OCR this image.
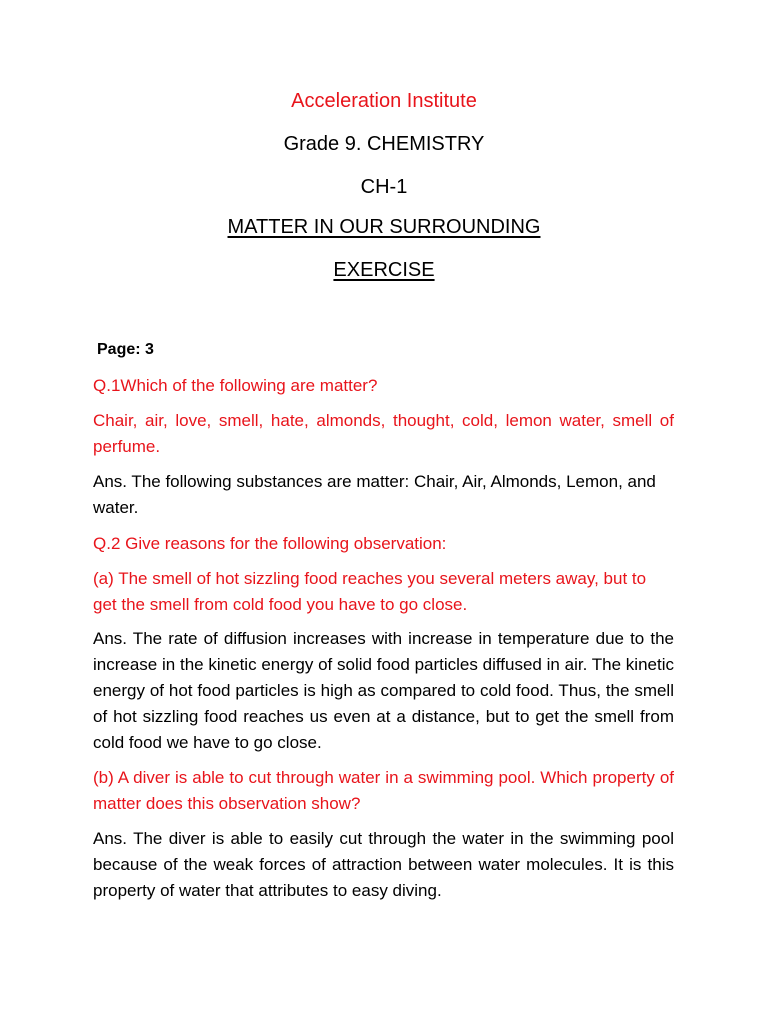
Acceleration Institute
Grade 9. CHEMISTRY
CH-1
MATTER IN OUR SURROUNDING
EXERCISE
Page: 3
Q.1Which of the following are matter?
Chair, air, love, smell, hate, almonds, thought, cold, lemon water, smell of perfume.
Ans. The following substances are matter: Chair, Air, Almonds, Lemon, and water.
Q.2 Give reasons for the following observation:
(a) The smell of hot sizzling food reaches you several meters away, but to get the smell from cold food you have to go close.
Ans. The rate of diffusion increases with increase in temperature due to the increase in the kinetic energy of solid food particles diffused in air. The kinetic energy of hot food particles is high as compared to cold food. Thus, the smell of hot sizzling food reaches us even at a distance, but to get the smell from cold food we have to go close.
(b) A diver is able to cut through water in a swimming pool. Which property of matter does this observation show?
Ans. The diver is able to easily cut through the water in the swimming pool because of the weak forces of attraction between water molecules. It is this property of water that attributes to easy diving.
